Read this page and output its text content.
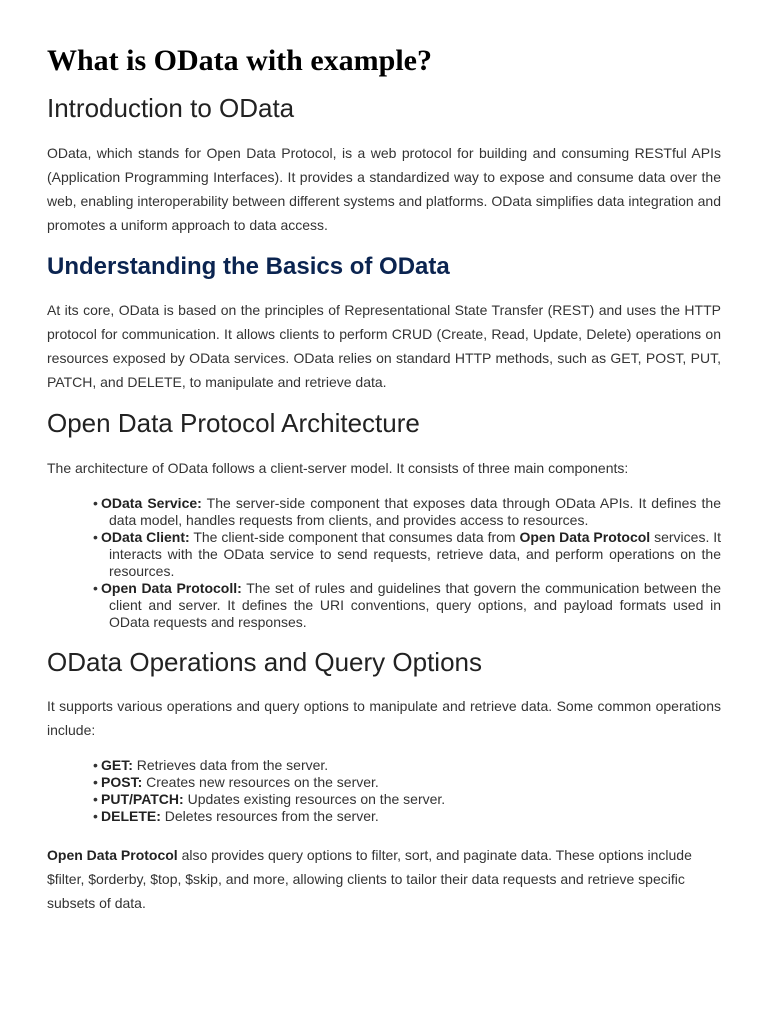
What is OData with example?
Introduction to OData

OData, which stands for Open Data Protocol, is a web protocol for building and consuming RESTful APIs (Application Programming Interfaces). It provides a standardized way to expose and consume data over the web, enabling interoperability between different systems and platforms. OData simplifies data integration and promotes a uniform approach to data access.

Understanding the Basics of OData

At its core, OData is based on the principles of Representational State Transfer (REST) and uses the HTTP protocol for communication. It allows clients to perform CRUD (Create, Read, Update, Delete) operations on resources exposed by OData services. OData relies on standard HTTP methods, such as GET, POST, PUT, PATCH, and DELETE, to manipulate and retrieve data.

Open Data Protocol Architecture

The architecture of OData follows a client-server model. It consists of three main components:

• OData Service: The server-side component that exposes data through OData APIs. It defines the data model, handles requests from clients, and provides access to resources.
• OData Client: The client-side component that consumes data from Open Data Protocol services. It interacts with the OData service to send requests, retrieve data, and perform operations on the resources.
• Open Data Protocoll: The set of rules and guidelines that govern the communication between the client and server. It defines the URI conventions, query options, and payload formats used in OData requests and responses.
OData Operations and Query Options

It supports various operations and query options to manipulate and retrieve data. Some common operations include:

• GET: Retrieves data from the server.
• POST: Creates new resources on the server.
• PUT/PATCH: Updates existing resources on the server.
• DELETE: Deletes resources from the server.

Open Data Protocol also provides query options to filter, sort, and paginate data. These options include $filter, $orderby, $top, $skip, and more, allowing clients to tailor their data requests and retrieve specific subsets of data.
